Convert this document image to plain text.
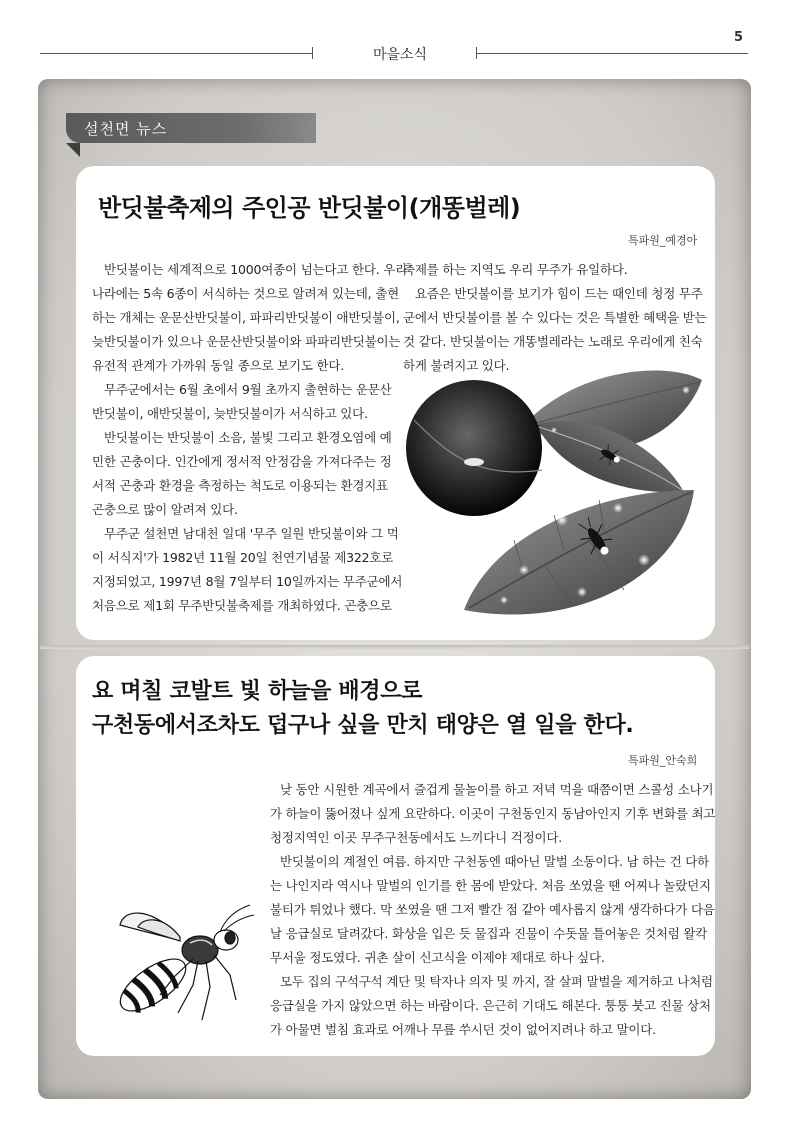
5
마을소식
설천면 뉴스
반딧불축제의 주인공 반딧불이(개똥벌레)
특파원_예경아
반딧불이는 세계적으로 1000여종이 넘는다고 한다. 우리
나라에는 5속 6종이 서식하는 것으로 알려져 있는데, 출현
하는 개체는 운문산반딧불이, 파파리반딧불이 애반딧불이,
늦반딧불이가 있으나 운문산반딧불이와 파파리반딧불이는
유전적 관계가 가까워 동일 종으로 보기도 한다.
무주군에서는 6월 초에서 9월 초까지 출현하는 운문산
반딧불이, 애반딧불이, 늦반딧불이가 서식하고 있다.
반딧불이는 반딧불이 소음, 불빛 그리고 환경오염에 예
민한 곤충이다. 인간에게 정서적 안정감을 가져다주는 정
서적 곤충과 환경을 측정하는 척도로 이용되는 환경지표
곤충으로 많이 알려져 있다.
무주군 설천면 남대천 일대 '무주 일원 반딧불이와 그 먹
이 서식지'가 1982년 11월 20일 천연기념물 제322호로
지정되었고, 1997년 8월 7일부터 10일까지는 무주군에서
처음으로 제1회 무주반딧불축제를 개최하였다. 곤충으로
축제를 하는 지역도 우리 무주가 유일하다.
요즘은 반딧불이를 보기가 힘이 드는 때인데 청정 무주
군에서 반딧불이를 볼 수 있다는 것은 특별한 혜택을 받는
것 같다. 반딧불이는 개똥벌레라는 노래로 우리에게 친숙
하게 불려지고 있다.
요 며칠 코발트 빛 하늘을 배경으로
구천동에서조차도 덥구나 싶을 만치 태양은 열 일을 한다.
특파원_안숙희
낮 동안 시원한 계곡에서 즐겁게 물놀이를 하고 저녁 먹을 때쯤이면 스콜성 소나기
가 하늘이 뚫어졌나 싶게 요란하다. 이곳이 구천동인지 동남아인지 기후 변화를 최고
청정지역인 이곳 무주구천동에서도 느끼다니 걱정이다.
반딧불이의 계절인 여름. 하지만 구천동엔 때아닌 말벌 소동이다. 남 하는 건 다하
는 나인지라 역시나 말벌의 인기를 한 몸에 받았다. 처음 쏘였을 땐 어찌나 놀랐던지
불티가 튀었나 했다. 막 쏘였을 땐 그저 빨간 점 같아 예사롭지 않게 생각하다가 다음
날 응급실로 달려갔다. 화상을 입은 듯 물집과 진물이 수돗물 틀어놓은 것처럼 왈칵
무서울 정도였다. 귀촌 살이 신고식을 이제야 제대로 하나 싶다.
모두 집의 구석구석 계단 및 탁자나 의자 및 까지, 잘 살펴 말벌을 제거하고 나처럼
응급실을 가지 않았으면 하는 바람이다. 은근히 기대도 해본다. 퉁퉁 붓고 진물 상처
가 아물면 벌침 효과로 어깨나 무릎 쑤시던 것이 없어지려나 하고 말이다.
